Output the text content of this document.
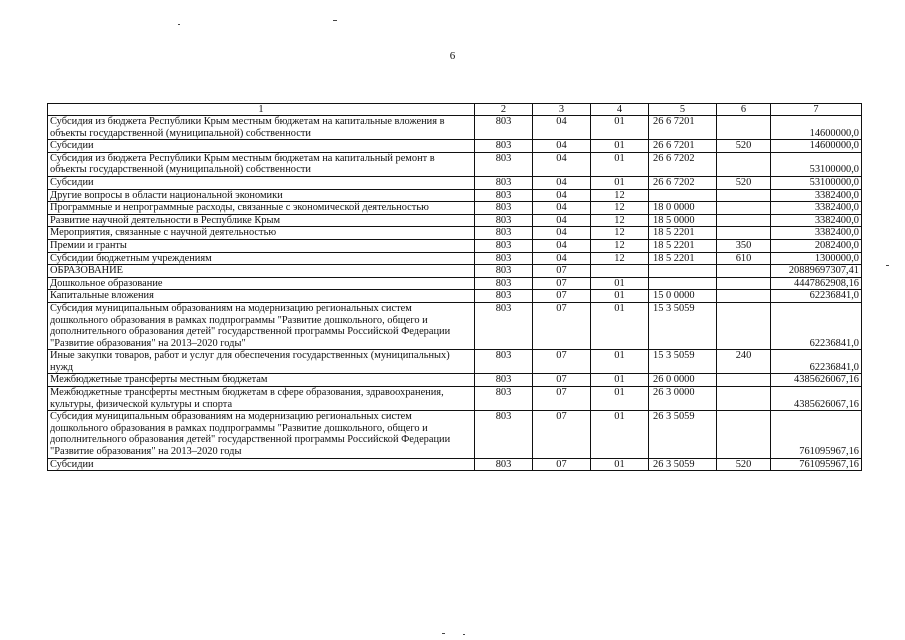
6
1	2	3	4	5	6	7
Субсидия из бюджета Республики Крым местным бюджетам на капитальные вложения в объекты государственной (муниципальной) собственности	803	04	01	26 6 7201		14600000,0
Субсидии	803	04	01	26 6 7201	520	14600000,0
Субсидия из бюджета Республики Крым местным бюджетам на капитальный ремонт в объекты государственной (муниципальной) собственности	803	04	01	26 6 7202		53100000,0
Субсидии	803	04	01	26 6 7202	520	53100000,0
Другие вопросы в области национальной экономики	803	04	12			3382400,0
Программные и непрограммные расходы, связанные с экономической деятельностью	803	04	12	18 0 0000		3382400,0
Развитие научной деятельности в Республике Крым	803	04	12	18 5 0000		3382400,0
Мероприятия, связанные с научной деятельностью	803	04	12	18 5 2201		3382400,0
Премии и гранты	803	04	12	18 5 2201	350	2082400,0
Субсидии бюджетным учреждениям	803	04	12	18 5 2201	610	1300000,0
ОБРАЗОВАНИЕ	803	07				20889697307,41
Дошкольное образование	803	07	01			4447862908,16
Капитальные вложения	803	07	01	15 0 0000		62236841,0
Субсидия муниципальным образованиям на модернизацию региональных систем дошкольного образования в рамках подпрограммы "Развитие дошкольного, общего и дополнительного образования детей" государственной программы Российской Федерации "Развитие образования" на 2013–2020 годы"	803	07	01	15 3 5059		62236841,0
Иные закупки товаров, работ и услуг для обеспечения государственных (муниципальных) нужд	803	07	01	15 3 5059	240	62236841,0
Межбюджетные трансферты местным бюджетам	803	07	01	26 0 0000		4385626067,16
Межбюджетные трансферты местным бюджетам в сфере образования, здравоохранения, культуры, физической культуры и спорта	803	07	01	26 3 0000		4385626067,16
Субсидия муниципальным образованиям на модернизацию региональных систем дошкольного образования в рамках подпрограммы "Развитие дошкольного, общего и дополнительного образования детей" государственной программы Российской Федерации "Развитие образования" на 2013–2020 годы	803	07	01	26 3 5059		761095967,16
Субсидии	803	07	01	26 3 5059	520	761095967,16
